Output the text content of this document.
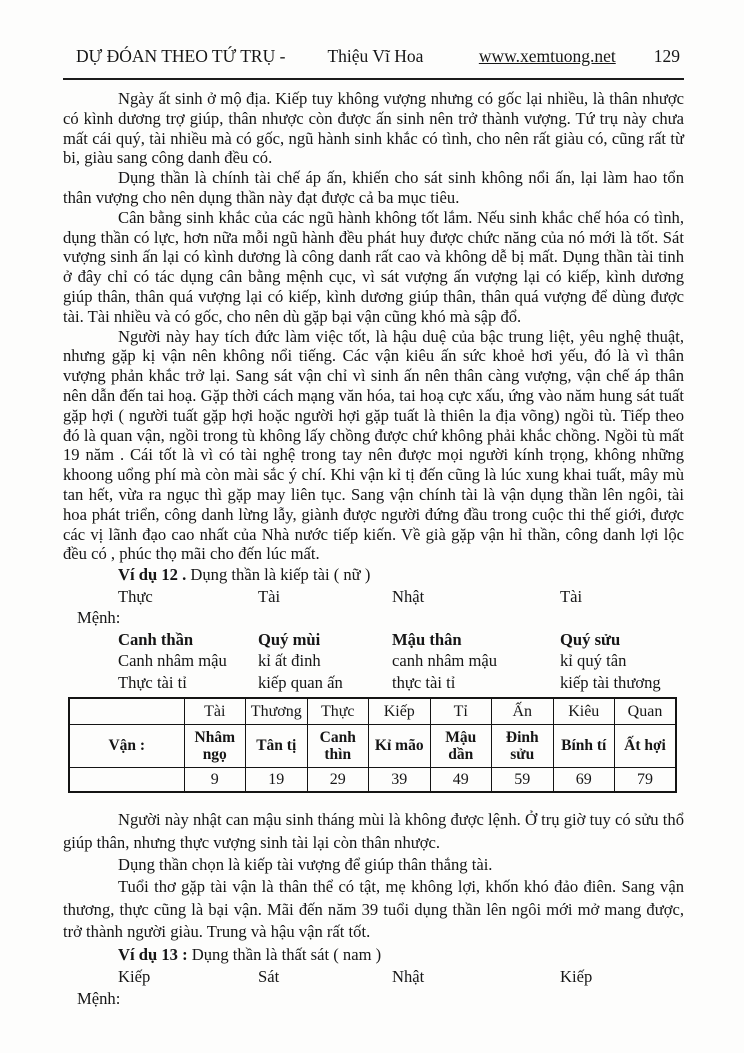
DỰ ĐÓAN THEO TỨ TRỤ - Thiệu Vĩ Hoa	www.xemtuong.net 129

Ngày ất sinh ở mộ địa. Kiếp tuy không vượng nhưng có gốc lại nhiều, là thân nhược có kình dương trợ giúp, thân nhược còn được ấn sinh nên trở thành vượng. Tứ trụ này chưa mất cái quý, tài nhiều mà có gốc, ngũ hành sinh khắc có tình, cho nên rất giàu có, cũng rất từ bi, giàu sang công danh đều có.

Dụng thần là chính tài chế áp ấn, khiến cho sát sinh không nổi ấn, lại làm hao tổn thân vượng cho nên dụng thần này đạt được cả ba mục tiêu.

Cân bằng sinh khắc của các ngũ hành không tốt lắm. Nếu sinh khắc chế hóa có tình, dụng thần có lực, hơn nữa mỗi ngũ hành đều phát huy được chức năng của nó mới là tốt. Sát vượng sinh ấn lại có kình dương là công danh rất cao và không dễ bị mất. Dụng thần tài tinh ở đây chỉ có tác dụng cân bằng mệnh cục, vì sát vượng ấn vượng lại có kiếp, kình dương giúp thân, thân quá vượng lại có kiếp, kình dương giúp thân, thân quá vượng để dùng được tài. Tài nhiều và có gốc, cho nên dù gặp bại vận cũng khó mà sập đổ.

Người này hay tích đức làm việc tốt, là hậu duệ của bậc trung liệt, yêu nghệ thuật, nhưng gặp kị vận nên không nổi tiếng. Các vận kiêu ấn sức khoẻ hơi yếu, đó là vì thân vượng phản khắc trở lại. Sang sát vận chỉ vì sinh ấn nên thân càng vượng, vận chế áp thân nên dẫn đến tai hoạ. Gặp thời cách mạng văn hóa, tai hoạ cực xấu, ứng vào năm hung sát tuất gặp hợi ( người tuất gặp hợi hoặc người hợi gặp tuất là thiên la địa võng) ngồi tù. Tiếp theo đó là quan vận, ngồi trong tù không lấy chồng được chứ không phải khắc chồng. Ngồi tù mất 19 năm . Cái tốt là vì có tài nghệ trong tay nên được mọi người kính trọng, không những khoong uổng phí mà còn mài sắc ý chí. Khi vận kỉ tị đến cũng là lúc xung khai tuất, mây mù tan hết, vừa ra ngục thì gặp may liên tục. Sang vận chính tài là vận dụng thần lên ngôi, tài hoa phát triển, công danh lừng lẫy, giành được người đứng đầu trong cuộc thi thế giới, được các vị lãnh đạo cao nhất của Nhà nước tiếp kiến. Về già gặp vận hỉ thần, công danh lợi lộc đều có , phúc thọ mãi cho đến lúc mất.

Ví dụ 12 . Dụng thần là kiếp tài ( nữ )
Thực	Tài	Nhật	Tài
Mệnh:
Canh thần	Quý mùi	Mậu thân	Quý sửu
Canh nhâm mậu	kỉ ất đinh	canh nhâm mậu	kỉ quý tân
Thực tài tỉ	kiếp quan ấn	thực tài tỉ	kiếp tài thương
	Tài	Thương	Thực	Kiếp	Tỉ	Ấn	Kiêu	Quan
Vận :	Nhâm ngọ	Tân tị	Canh thìn	Kỉ mão	Mậu dần	Đinh sửu	Bính tí	Ất hợi
	9	19	29	39	49	59	69	79

Người này nhật can mậu sinh tháng mùi là không được lệnh. Ở trụ giờ tuy có sửu thổ giúp thân, nhưng thực vượng sinh tài lại còn thân nhược.

Dụng thần chọn là kiếp tài vượng để giúp thân thắng tài.

Tuổi thơ gặp tài vận là thân thể có tật, mẹ không lợi, khốn khó đảo điên. Sang vận thương, thực cũng là bại vận. Mãi đến năm 39 tuổi dụng thần lên ngôi mới mở mang được, trở thành người giàu. Trung và hậu vận rất tốt.

Ví dụ 13 : Dụng thần là thất sát ( nam )
Kiếp	Sát	Nhật	Kiếp
Mệnh:
